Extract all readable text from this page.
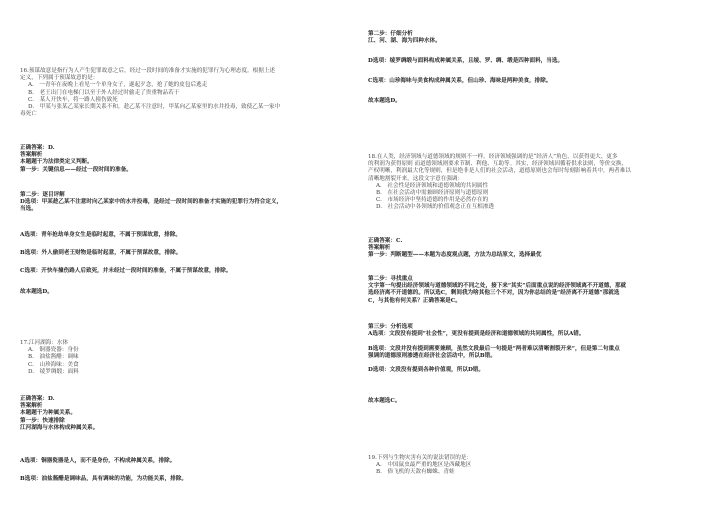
16.预谋故意是指行为人产生犯罪故意之后，经过一段时间的准备才实施的犯罪行为心理态度。根据上述
定义，下列属于预谋故意的是：
A.　一青年在夜晚上看见一个单身女子，遂起歹念，抢了她的皮包后逃走
B.　老王出门在电梯门以至于外人经过时偷走了贵重物品若干
C.　某人开快车，将一路人撞伤致死
D.　甲某与张某乙某家长期关系不和，趁乙某不注意时，甲某向乙某家里的水井投毒，致使乙某一家中
毒死亡
正确答案：D.
答案解析
本题题干为法律类定义判断。
第一步：关键信息——经过一段时间的准备。
第二步：逐目评解
D选项：甲某趁乙某不注意时向乙某家中的水井投毒，是经过一段时间的准备才实施的犯罪行为符合定义，
当选。
A选项：青年抢劫单身女生是临时起意，不属于预谋故意，排除。
B选项：外人偷到老王财物是临时起意，不属于预谋故意，排除。
C选项：开快车撞伤路人后致死，并未经过一段时间的准备，不属于预谋故意，排除。
故本题选D。
17.江河湖海：水体
A.　铜器瓷器：身份
B.　油盐酱醋：调味
C.　山珍海味：美食
D.　绫罗绸缎：面料
正确答案：D.
答案解析
本题题干为种属关系。
第一步：快速排除
江河湖海与水体构成种属关系。
A选项：铜器瓷器是人，而不是身份，不构成种属关系，排除。
B选项：油盐酱醋是调味品，具有调味的功能，为功能关系，排除。
第二步：仔细分析
江、河、湖、海为四种水体。
D选项：绫罗绸缎与面料构成种属关系，且绫、罗、绸、缎是四种面料，当选。
C选项：山珍海味与美食构成种属关系，但山珍、海味是两种美食，排除。
故本题选D。
18.在人类，经济领域与道德领域的规则不一样，经济领域强调的是“经济人”角色，以获得更大、更多
的利润为获得原则 而道德领域则要求节制、利他、互助等。其实，经济领域因循着供求法则，等价交换，
产权明晰，利润最大化等规则，但是绝非是人们的社会活动，道德原则也会每时每刻影响着其中，两者难以
清晰地割裂开来，这段文字意在强调：
A.　社会性是经济领域和道德领域的共同属性
B.　在社会活动中需兼顾经济原则与道德原则
C.　市场经济中坚持道德的作用是必然存在的
D.　社会活动中各领域的价值观念正在互相渗透
正确答案：C.
答案解析
第一步：判断题型——本题为态度观点题，方法为总结原文，选择最优
第二步：寻找重点
文字第一句提出经济领域与道德领域的不同之处，接下来“其实”后面重点说的经济领域离不开道德，那就
选经济离不开道德的。所以选C，剩间我为啥其他三个不对，因为你总结的是“经济离不开道德”那就选
C，与其他有何关系？正确答案是C。
第三步：分析选项
A选项：文段没有提到“社会性”，更没有提到是经济和道德领域的共同属性，所以A错。

B选项：文段并没有提到需要兼顾，虽然文段最后一句提是“两者难以清晰割裂开来”，但是第二句重点
强调的道德原则渗透在经济社会活动中，所以B错。

D选项：文段没有提到各种价值观，所以D错。
故本题选C。
19.下列与生物灾害有关的说法错误的是：
A.　中国鼠虫最严重的地区是西藏地区
B.　俗飞机的天敌有蜘蛛、青蛙
